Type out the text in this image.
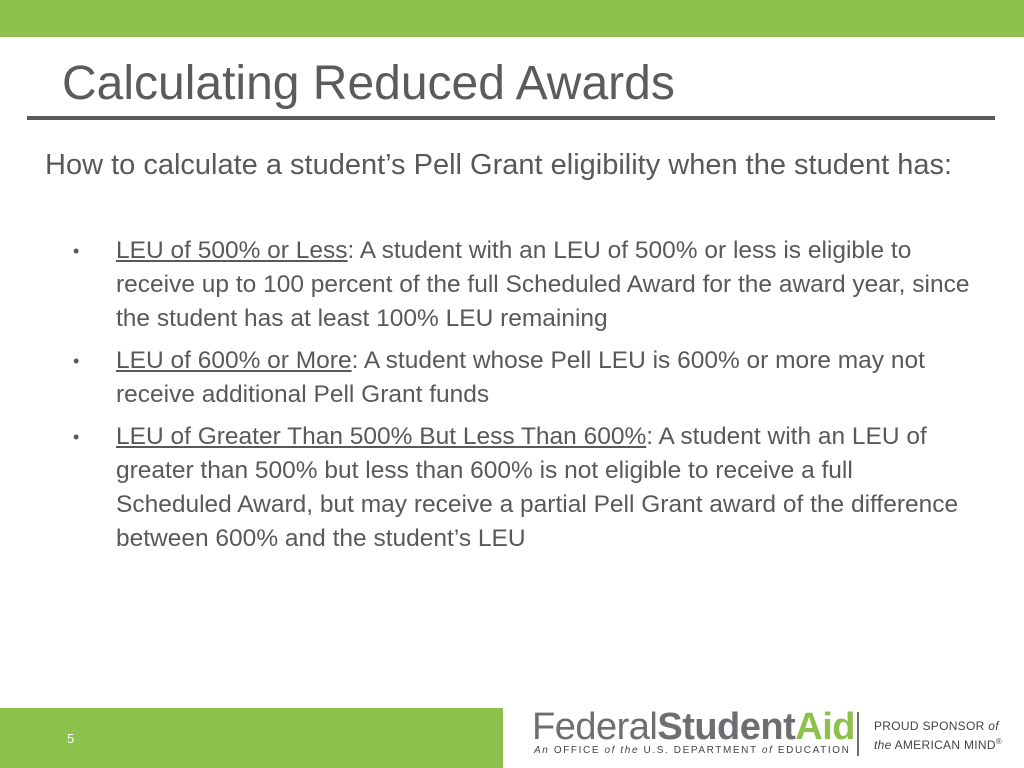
Calculating Reduced Awards

How to calculate a student’s Pell Grant eligibility when the student has:

• LEU of 500% or Less: A student with an LEU of 500% or less is eligible to receive up to 100 percent of the full Scheduled Award for the award year, since the student has at least 100% LEU remaining
• LEU of 600% or More: A student whose Pell LEU is 600% or more may not receive additional Pell Grant funds
• LEU of Greater Than 500% But Less Than 600%: A student with an LEU of greater than 500% but less than 600% is not eligible to receive a full Scheduled Award, but may receive a partial Pell Grant award of the difference between 600% and the student’s LEU
5	FederalStudentAid
An OFFICE of the U.S. DEPARTMENT of EDUCATION
PROUD SPONSOR of
the AMERICAN MIND®
